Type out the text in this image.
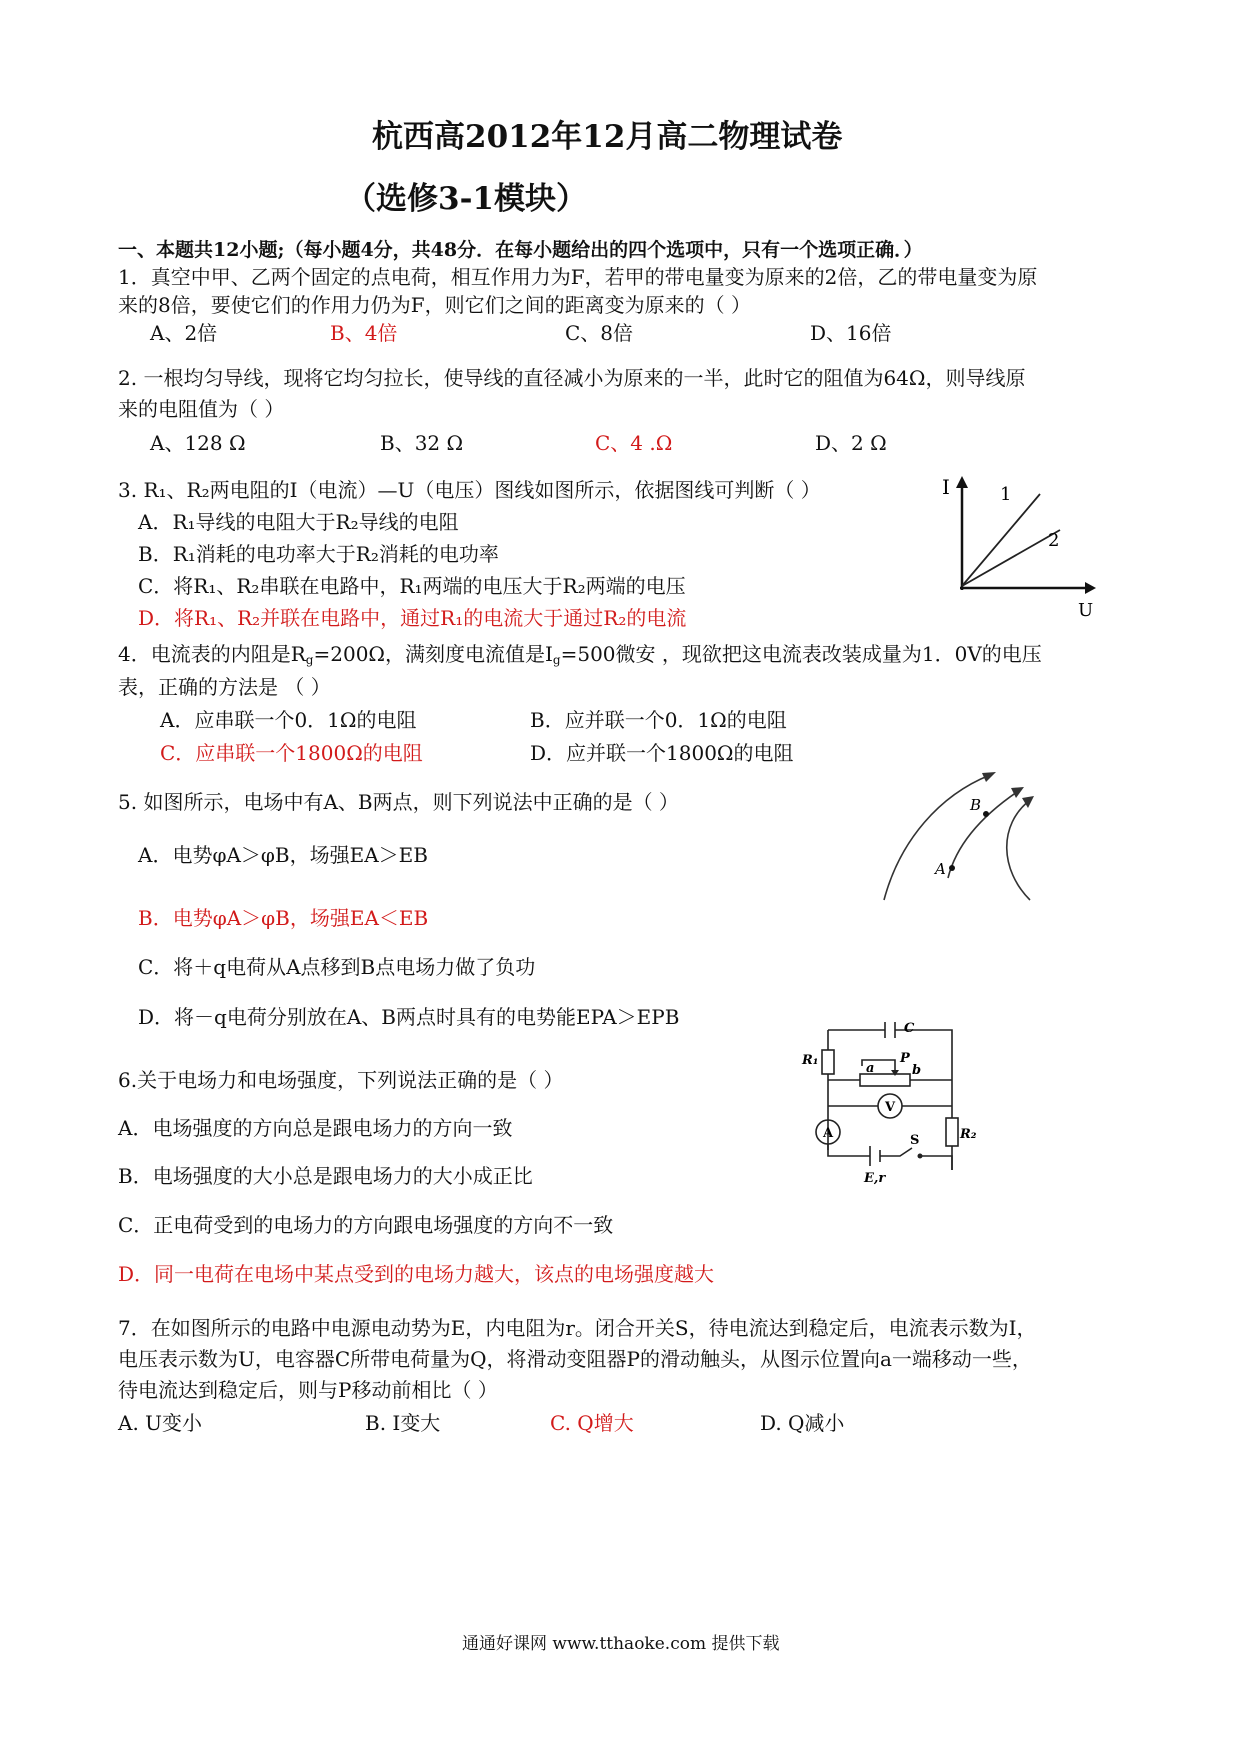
杭西高2012年12月高二物理试卷
（选修3-1模块）
一、本题共12小题;（每小题4分，共48分．在每小题给出的四个选项中，只有一个选项正确．）
1．真空中甲、乙两个固定的点电荷，相互作用力为F，若甲的带电量变为原来的2倍，乙的带电量变为原
来的8倍，要使它们的作用力仍为F，则它们之间的距离变为原来的（ ）
A、2倍	B、4倍	C、8倍	D、16倍
2. 一根均匀导线，现将它均匀拉长，使导线的直径减小为原来的一半，此时它的阻值为64Ω，则导线原
来的电阻值为（ ）
A、128 Ω	B、32 Ω	C、4 .Ω	D、2 Ω
3. R₁、R₂两电阻的I（电流）—U（电压）图线如图所示，依据图线可判断（ ）
A．R₁导线的电阻大于R₂导线的电阻
B．R₁消耗的电功率大于R₂消耗的电功率
C．将R₁、R₂串联在电路中，R₁两端的电压大于R₂两端的电压
D．将R₁、R₂并联在电路中，通过R₁的电流大于通过R₂的电流
I
U
1
2
4．电流表的内阻是$R_g=200\Omega$，满刻度电流值是$I_g=500$微安 ，现欲把这电流表改装成量为1．0V的电压
表，正确的方法是 （ ）
A．应串联一个0．1Ω的电阻	B．应并联一个0．1Ω的电阻
C．应串联一个1800Ω的电阻	D．应并联一个1800Ω的电阻
5. 如图所示，电场中有A、B两点，则下列说法中正确的是（ ）
A．电势φA＞φB，场强EA＞EB
B．电势φA＞φB，场强EA＜EB
C．将＋q电荷从A点移到B点电场力做了负功
D．将－q电荷分别放在A、B两点时具有的电势能EPA＞EPB
A
B
6.关于电场力和电场强度，下列说法正确的是（ ）
A．电场强度的方向总是跟电场力的方向一致
B．电场强度的大小总是跟电场力的大小成正比
C．正电荷受到的电场力的方向跟电场强度的方向不一致
D．同一电荷在电场中某点受到的电场力越大，该点的电场强度越大
C
R₁	P
a	b
V
A	R₂
S
E,r
7．在如图所示的电路中电源电动势为E，内电阻为r。闭合开关S，待电流达到稳定后，电流表示数为I，
电压表示数为U，电容器C所带电荷量为Q，将滑动变阻器P的滑动触头，从图示位置向a一端移动一些，
待电流达到稳定后，则与P移动前相比（ ）
A. U变小	B. I变大	C. Q增大	D. Q减小
通通好课网 www.tthaoke.com 提供下载
